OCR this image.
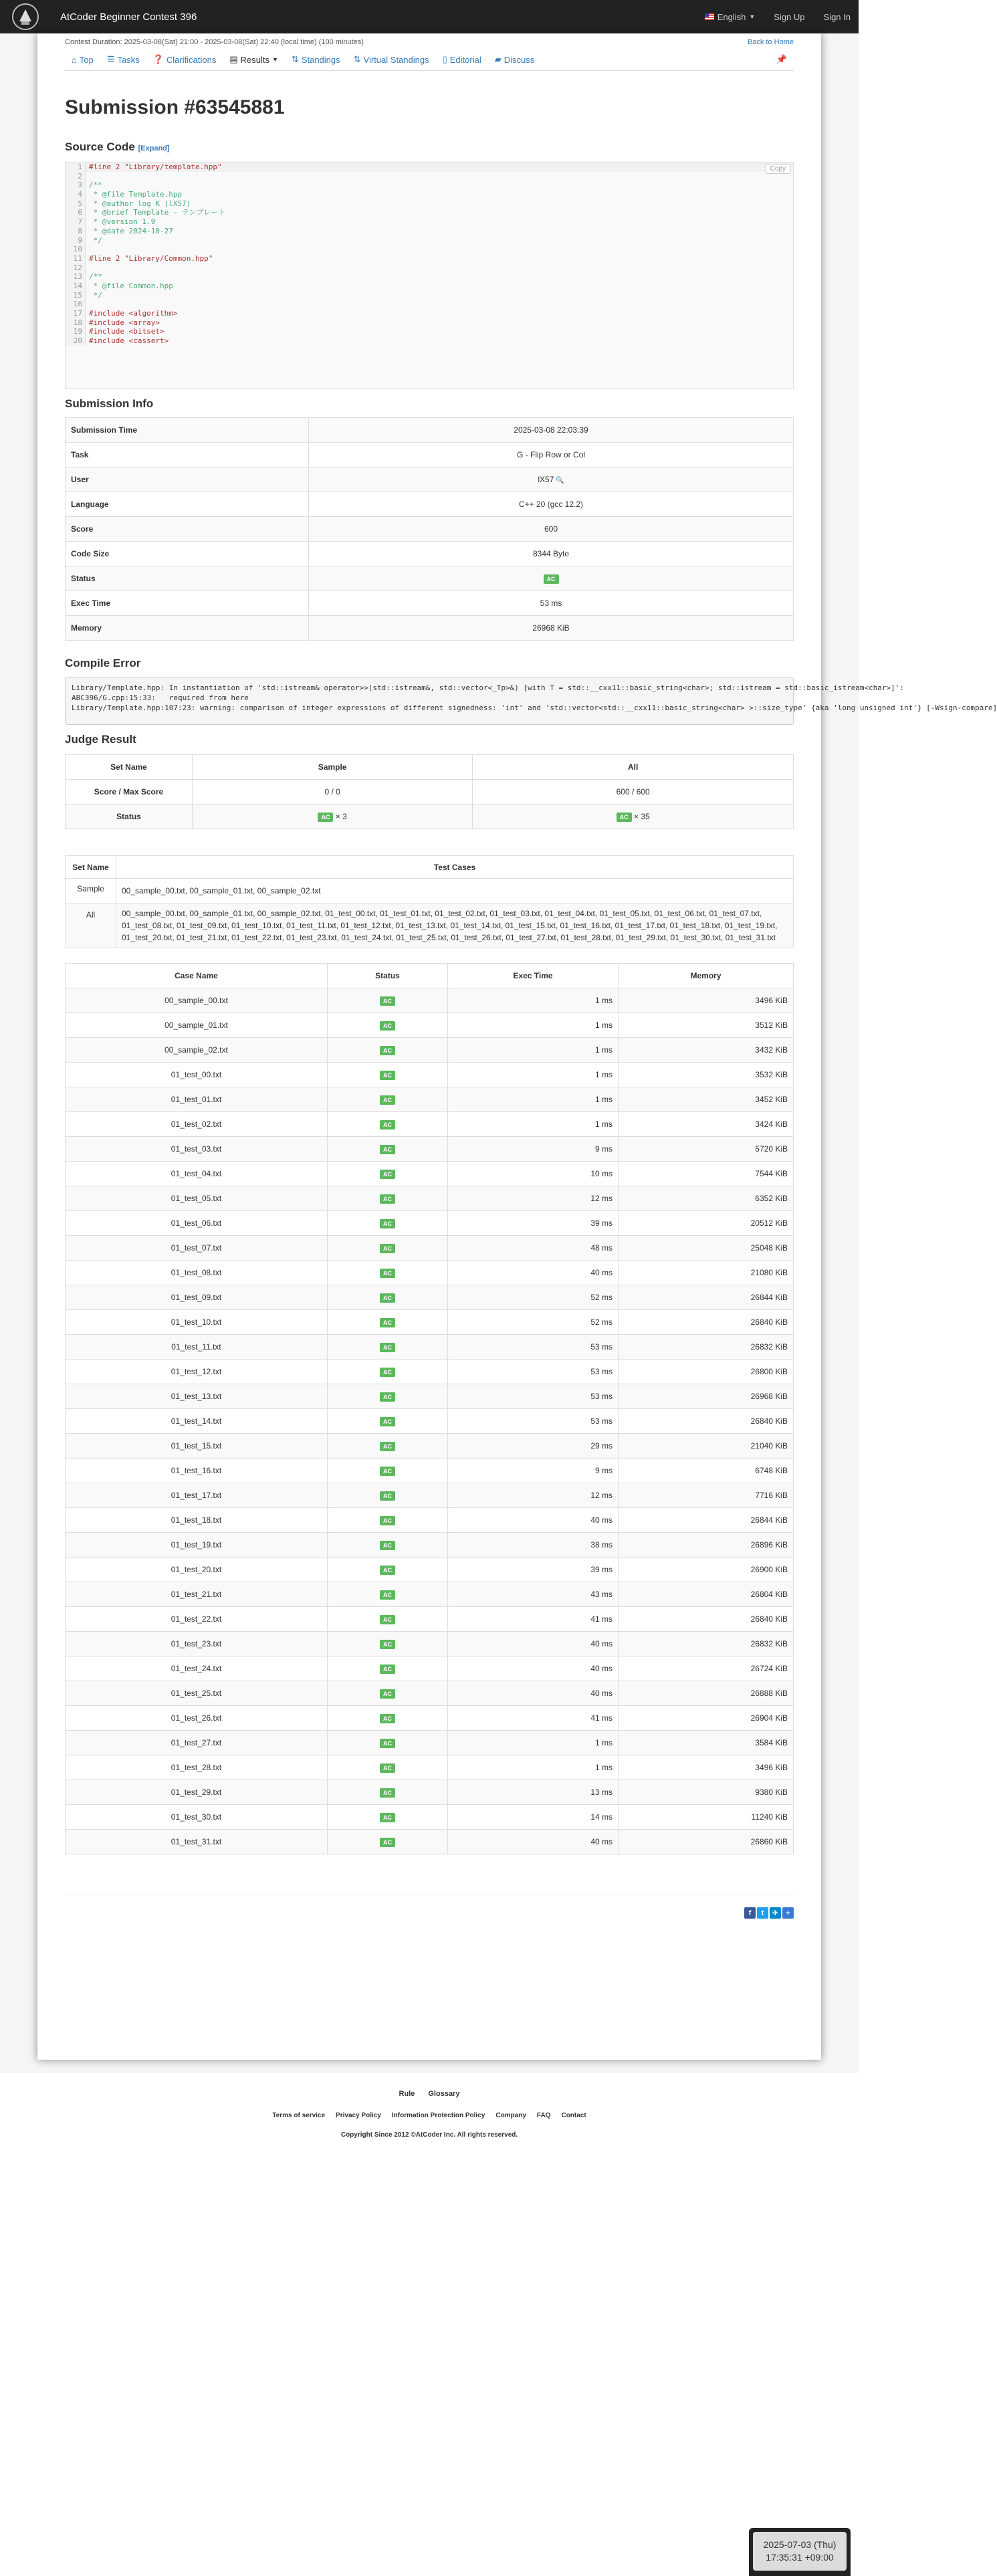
AtCoder Beginner Contest 396	English ▼ Sign Up Sign In
Contest Duration: 2025-03-08(Sat) 21:00 - 2025-03-08(Sat) 22:40 (local time) (100 minutes)	Back to Home
⌂ Top ☰ Tasks ❓ Clarifications ▤ Results ▼ ⇅ Standings ⇅ Virtual Standings ▯ Editorial ▰ Discuss	📌
Submission #63545881
Source Code [Expand]
Copy
1 #line 2 "Library/template.hpp"
2
3 /**
4 * @file Template.hpp
5 * @author log K (lX57)
6 * @brief Template - テンプレート
7 * @version 1.9
8 * @date 2024-10-27
9 */
10
11 #line 2 "Library/Common.hpp"
12
13 /**
14 * @file Common.hpp
15 */
16
17 #include <algorithm>
18 #include <array>
19 #include <bitset>
20 #include <cassert>
Submission Info
Submission Time	2025-03-08 22:03:39
Task	G - Flip Row or Col
User	lX57 🔍
Language	C++ 20 (gcc 12.2)
Score	600
Code Size	8344 Byte
Status	AC
Exec Time	53 ms
Memory	26968 KiB
Compile Error
Library/Template.hpp: In instantiation of 'std::istream& operator>>(std::istream&, std::vector<_Tp>&) [with T = std::__cxx11::basic_string<char>; std::istream =
ABC396/G.cpp:15:33:   required from here
Library/Template.hpp:107:23: warning: comparison of integer expressions of different signedness: 'int' and 'std::vector<std::__cxx11::basic_string<char> >::size_type' {aka  unsigned int'} [-Wsign-compare]
Judge Result
Set Name	Sample	All
Score / Max Score	0 / 0	600 / 600
Status	AC × 3	AC × 35
Set Name	Test Cases
Sample	00_sample_00.txt, 00_sample_01.txt, 00_sample_02.txt
All	00_sample_00.txt, 00_sample_01.txt, 00_sample_02.txt, 01_test_00.txt, 01_test_01.txt, 01_test_02.txt, 01_test_03.txt, 01_test_04.txt, 01_test_05.txt, 01_test_06.txt, 01_test_07.txt, 01_test_08.txt, 01_test_09.txt, 01_test_10.txt, 01_test_11.txt, 01_test_12.txt, 01_test_13.txt, 01_test_14.txt, 01_test_15.txt, 01_test_16.txt, 01_test_17.txt, 01_test_18.txt, 01_test_19.txt, 01_test_20.txt, 01_test_21.txt, 01_test_22.txt, 01_test_23.txt, 01_test_24.txt, 01_test_25.txt, 01_test_26.txt, 01_test_27.txt, 01_test_28.txt, 01_test_29.txt, 01_test_30.txt, 01_test_31.txt
Case Name	Status	Exec Time	Memory
00_sample_00.txt	AC	1 ms	3496 KiB
00_sample_01.txt	AC	1 ms	3512 KiB
00_sample_02.txt	AC	1 ms	3432 KiB
01_test_00.txt	AC	1 ms	3532 KiB
01_test_01.txt	AC	1 ms	3452 KiB
01_test_02.txt	AC	1 ms	3424 KiB
01_test_03.txt	AC	9 ms	5720 KiB
01_test_04.txt	AC	10 ms	7544 KiB
01_test_05.txt	AC	12 ms	6352 KiB
01_test_06.txt	AC	39 ms	20512 KiB
01_test_07.txt	AC	48 ms	25048 KiB
01_test_08.txt	AC	40 ms	21080 KiB
01_test_09.txt	AC	52 ms	26844 KiB
01_test_10.txt	AC	52 ms	26840 KiB
01_test_11.txt	AC	53 ms	26832 KiB
01_test_12.txt	AC	53 ms	26800 KiB
01_test_13.txt	AC	53 ms	26968 KiB
01_test_14.txt	AC	53 ms	26840 KiB
01_test_15.txt	AC	29 ms	21040 KiB
01_test_16.txt	AC	9 ms	6748 KiB
01_test_17.txt	AC	12 ms	7716 KiB
01_test_18.txt	AC	40 ms	26844 KiB
01_test_19.txt	AC	38 ms	26896 KiB
01_test_20.txt	AC	39 ms	26900 KiB
01_test_21.txt	AC	43 ms	26804 KiB
01_test_22.txt	AC	41 ms	26840 KiB
01_test_23.txt	AC	40 ms	26832 KiB
01_test_24.txt	AC	40 ms	26724 KiB
01_test_25.txt	AC	40 ms	26888 KiB
01_test_26.txt	AC	41 ms	26904 KiB
01_test_27.txt	AC	1 ms	3584 KiB
01_test_28.txt	AC	1 ms	3496 KiB
01_test_29.txt	AC	13 ms	9380 KiB
01_test_30.txt	AC	14 ms	11240 KiB
01_test_31.txt	AC	40 ms	26860 KiB
f	t	✈	+
Rule Glossary
Terms of service Privacy Policy Information Protection Policy Company FAQ Contact
Copyright Since 2012 ©AtCoder Inc. All rights reserved.
2025-07-03 (Thu)
17:35:31 +09:00
